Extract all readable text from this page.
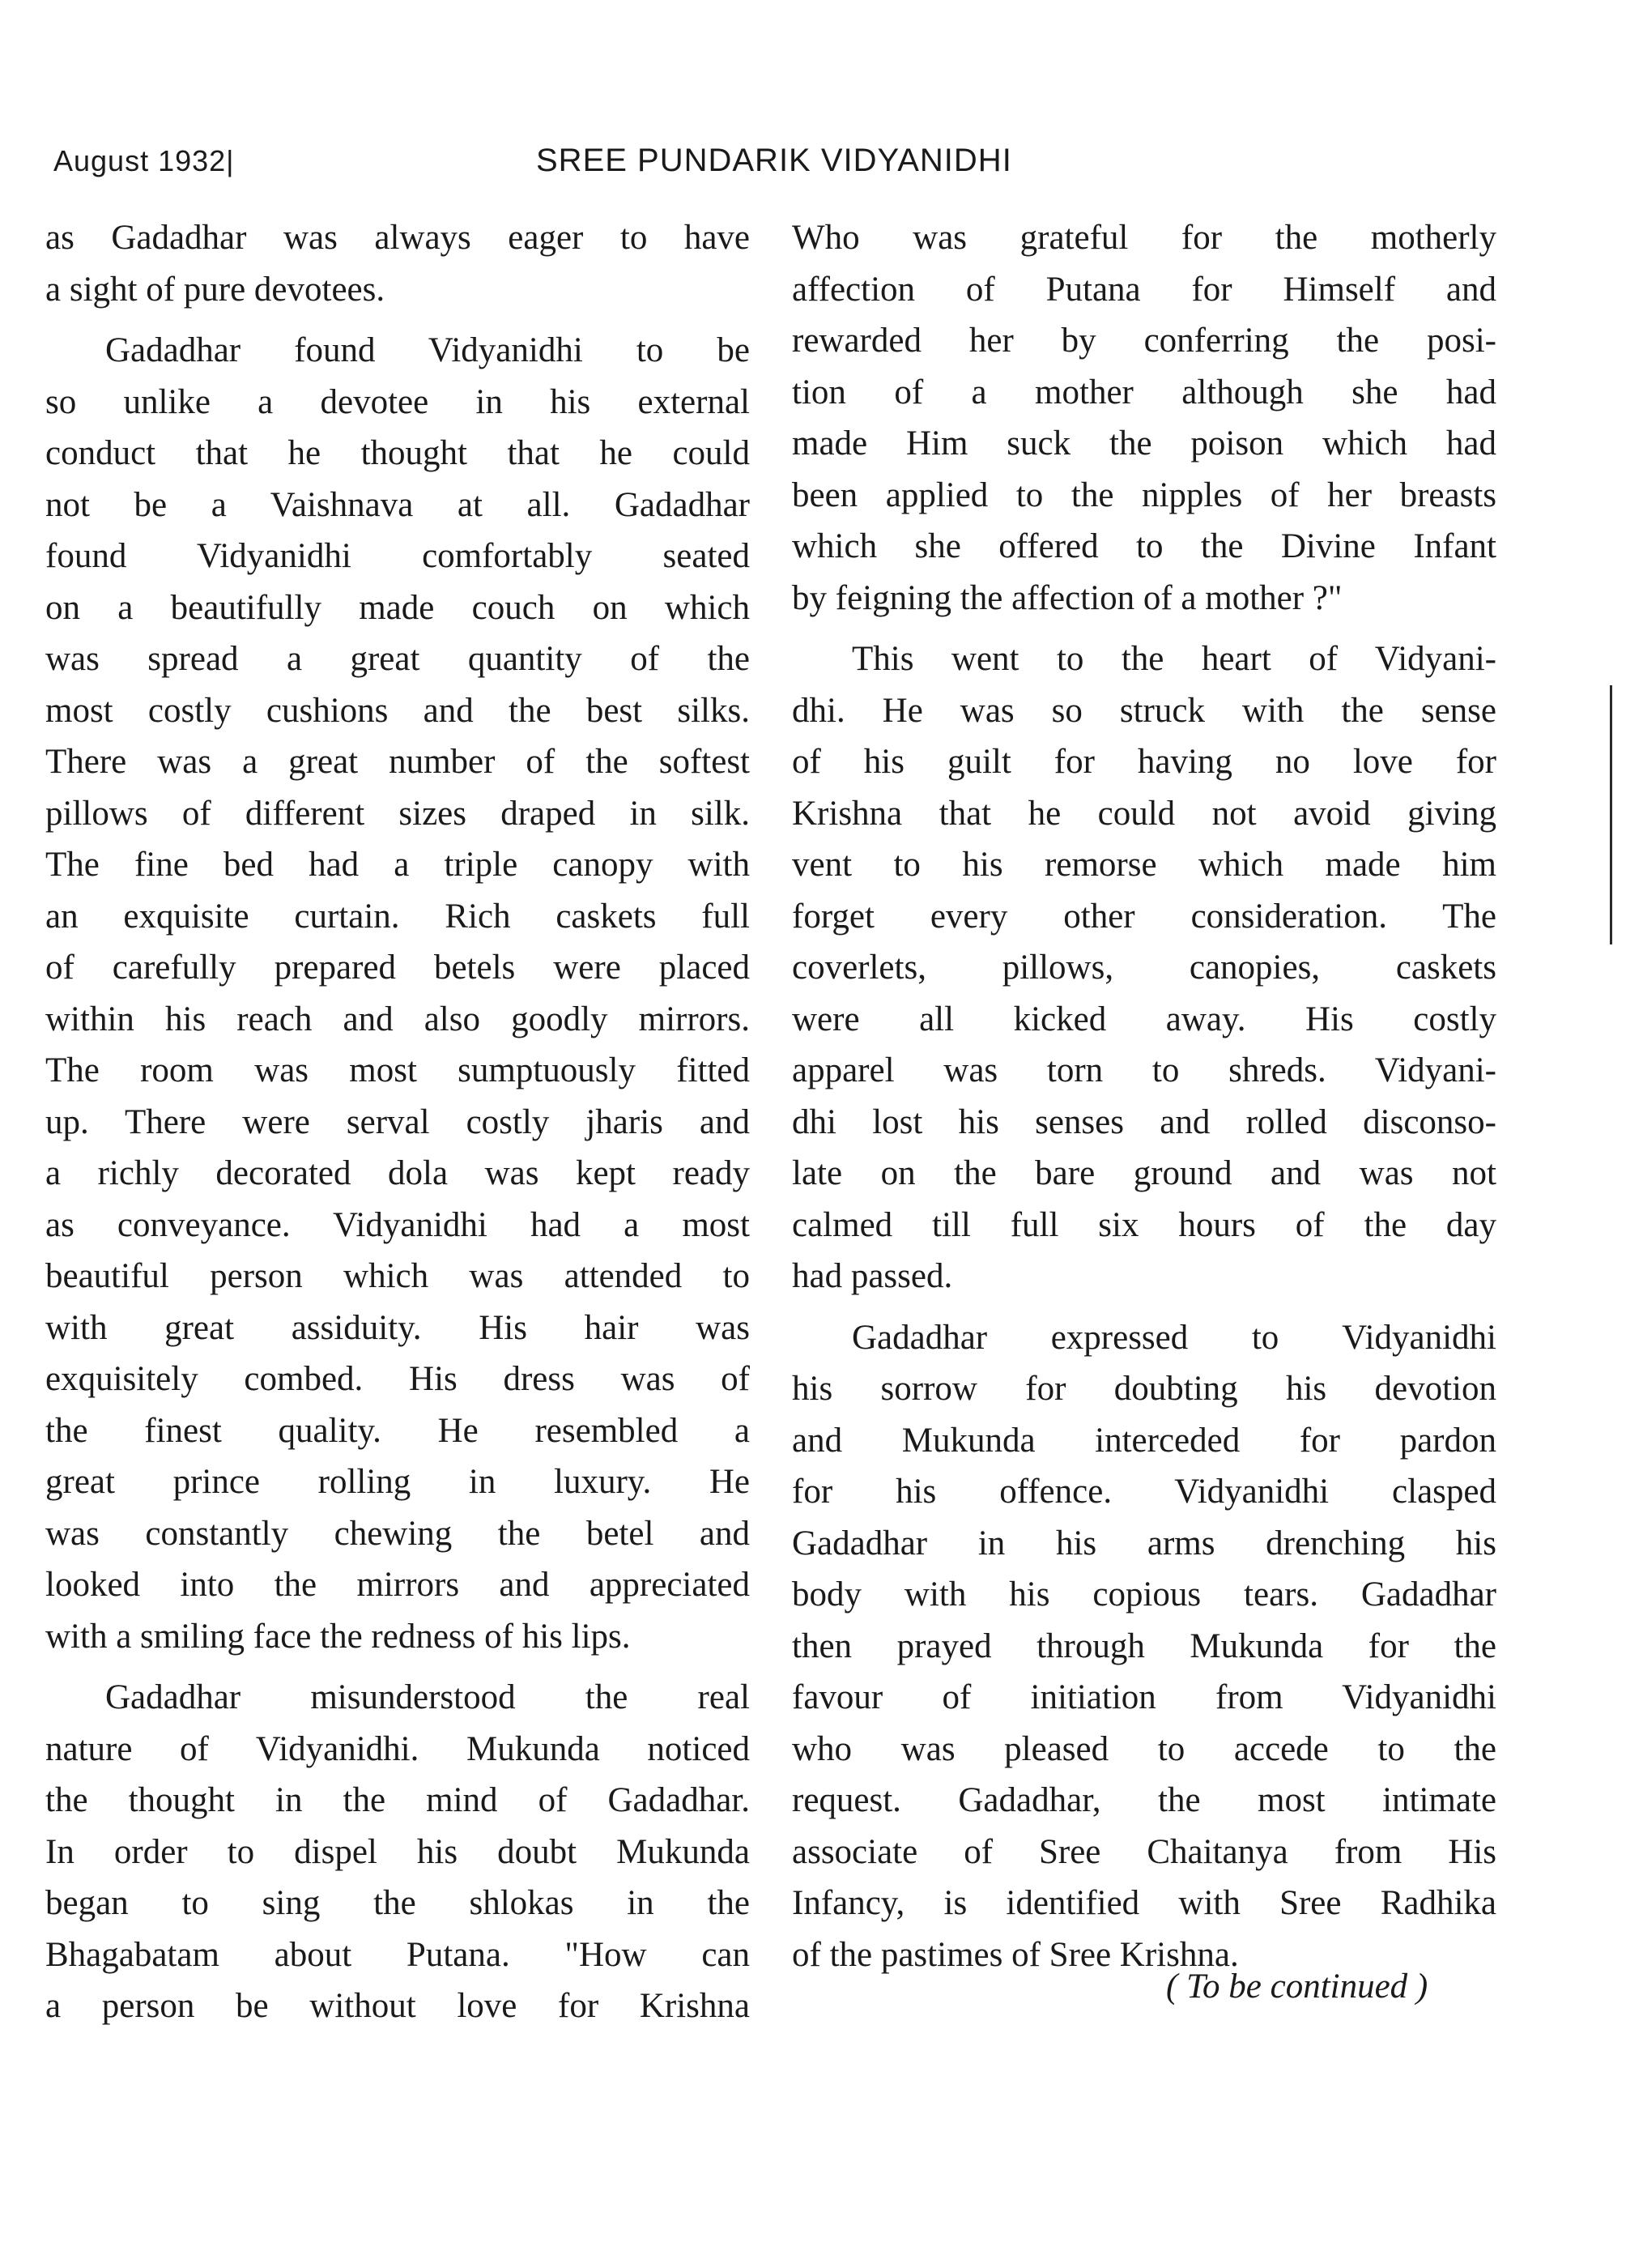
August 1932|	SREE PUNDARIK VIDYANIDHI
as Gadadhar was always eager to have
a sight of pure devotees.
Gadadhar found Vidyanidhi to be
so unlike a devotee in his external
conduct that he thought that he could
not be a Vaishnava at all. Gadadhar
found Vidyanidhi comfortably seated
on a beautifully made couch on which
was spread a great quantity of the
most costly cushions and the best silks.
There was a great number of the softest
pillows of different sizes draped in silk.
The fine bed had a triple canopy with
an exquisite curtain. Rich caskets full
of carefully prepared betels were placed
within his reach and also goodly mirrors.
The room was most sumptuously fitted
up. There were serval costly jharis and
a richly decorated dola was kept ready
as conveyance. Vidyanidhi had a most
beautiful person which was attended to
with great assiduity. His hair was
exquisitely combed. His dress was of
the finest quality. He resembled a
great prince rolling in luxury. He
was constantly chewing the betel and
looked into the mirrors and appreciated
with a smiling face the redness of his lips.
Gadadhar misunderstood the real
nature of Vidyanidhi. Mukunda noticed
the thought in the mind of Gadadhar.
In order to dispel his doubt Mukunda
began to sing the shlokas in the
Bhagabatam about Putana. "How can
a person be without love for Krishna
Who was grateful for the motherly
affection of Putana for Himself and
rewarded her by conferring the posi-
tion of a mother although she had
made Him suck the poison which had
been applied to the nipples of her breasts
which she offered to the Divine Infant
by feigning the affection of a mother ?"
This went to the heart of Vidyani-
dhi. He was so struck with the sense
of his guilt for having no love for
Krishna that he could not avoid giving
vent to his remorse which made him
forget every other consideration. The
coverlets, pillows, canopies, caskets
were all kicked away. His costly
apparel was torn to shreds. Vidyani-
dhi lost his senses and rolled disconso-
late on the bare ground and was not
calmed till full six hours of the day
had passed.
Gadadhar expressed to Vidyanidhi
his sorrow for doubting his devotion
and Mukunda interceded for pardon
for his offence. Vidyanidhi clasped
Gadadhar in his arms drenching his
body with his copious tears. Gadadhar
then prayed through Mukunda for the
favour of initiation from Vidyanidhi
who was pleased to accede to the
request. Gadadhar, the most intimate
associate of Sree Chaitanya from His
Infancy, is identified with Sree Radhika
of the pastimes of Sree Krishna.
( To be continued )
